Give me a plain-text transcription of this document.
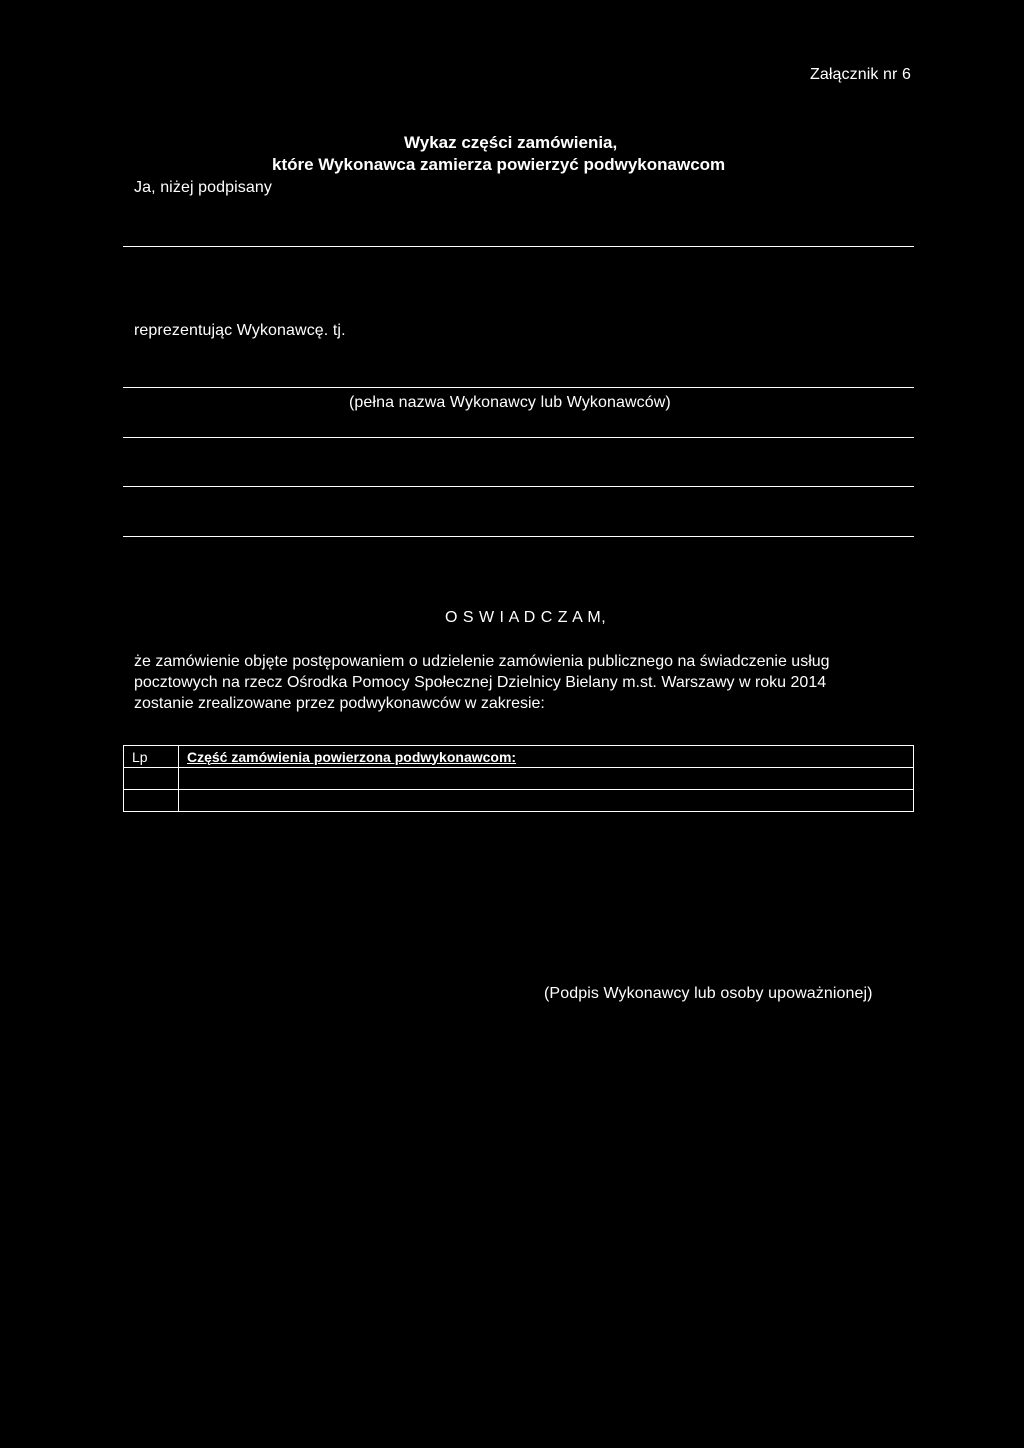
Załącznik nr 6
Wykaz części zamówienia,
które Wykonawca zamierza powierzyć podwykonawcom
Ja, niżej podpisany
reprezentując Wykonawcę. tj.
(pełna nazwa Wykonawcy lub Wykonawców)
O S W I A D C Z A M,
że zamówienie objęte postępowaniem o udzielenie zamówienia publicznego na świadczenie usług
pocztowych na rzecz Ośrodka Pomocy Społecznej Dzielnicy Bielany m.st. Warszawy w roku 2014
zostanie zrealizowane przez podwykonawców w zakresie:
Lp	Część zamówienia powierzona podwykonawcom:

(Podpis Wykonawcy lub osoby upoważnionej)
